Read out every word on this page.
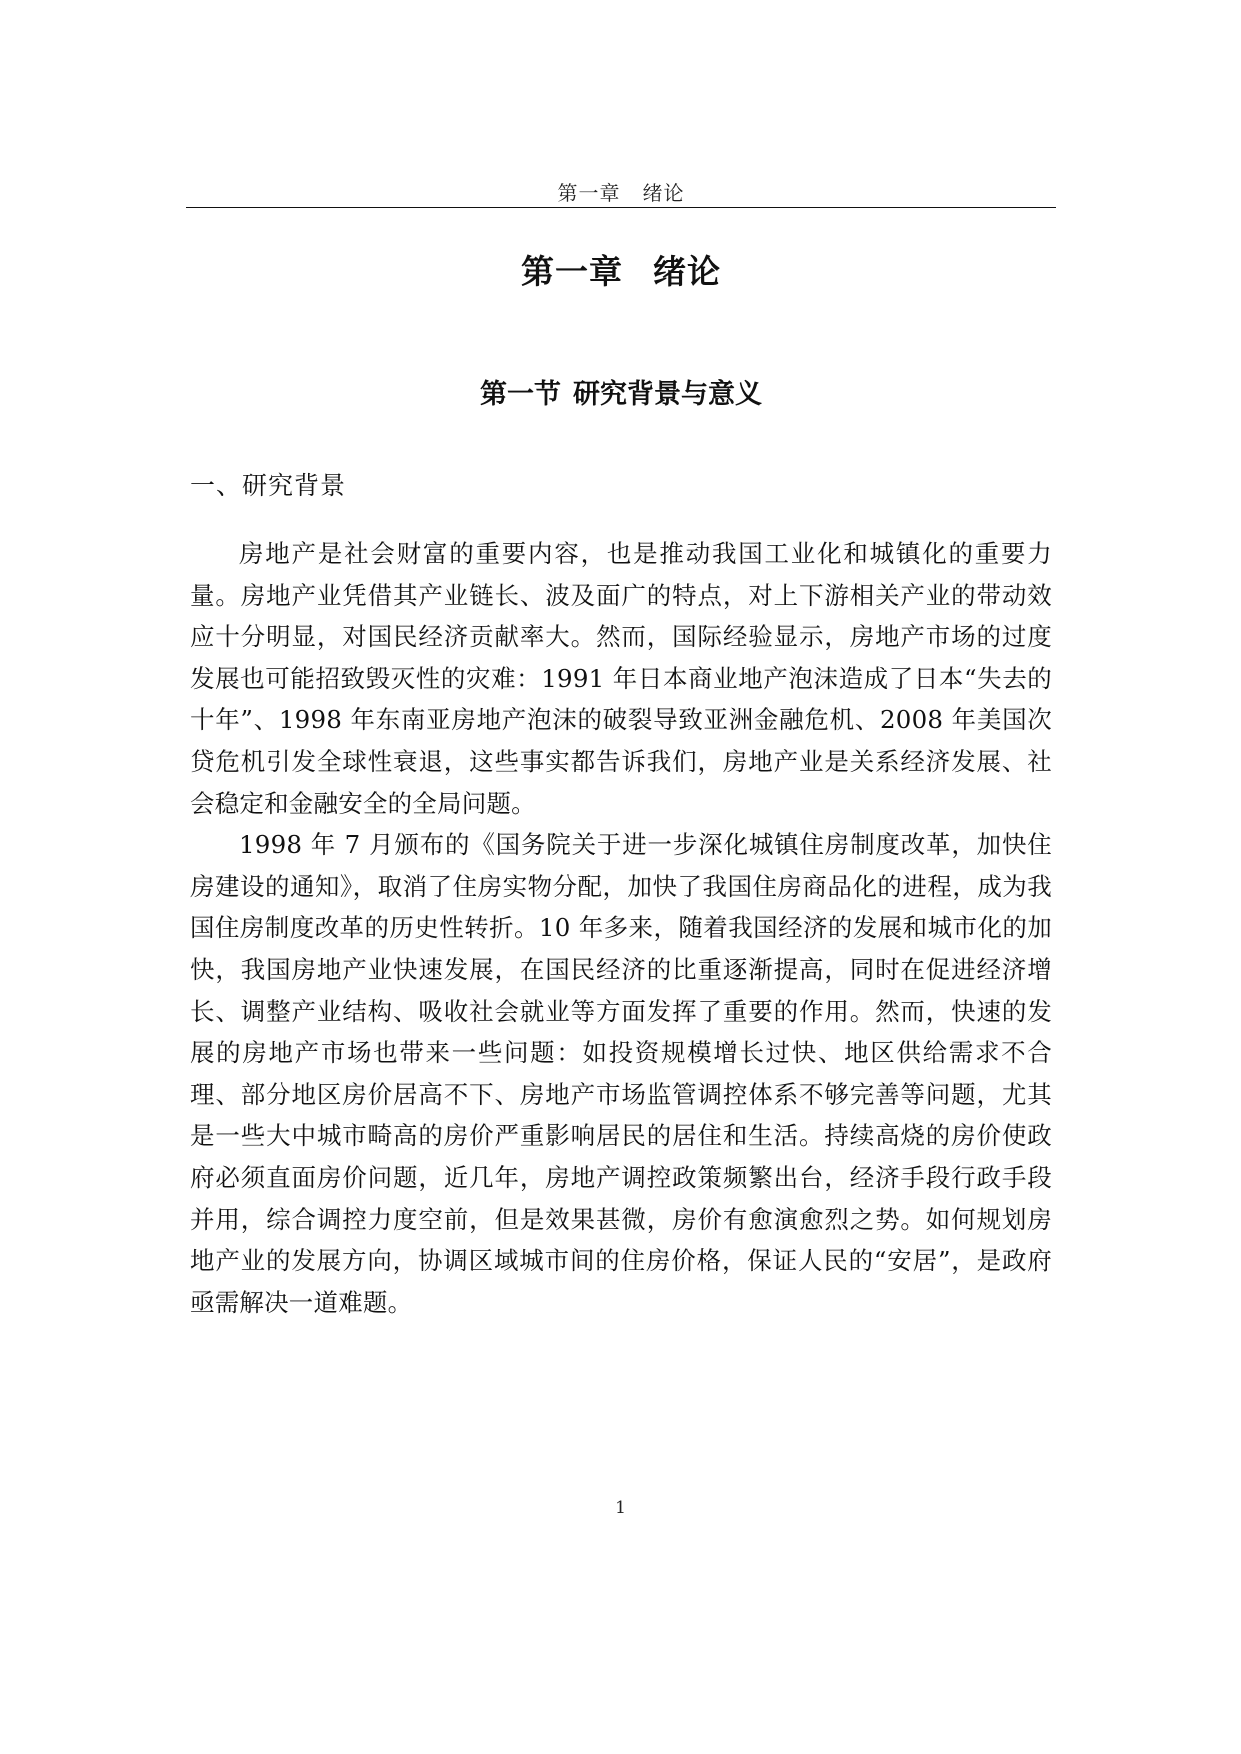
第一章 绪论
第一章 绪论
第一节 研究背景与意义
一、研究背景

房地产是社会财富的重要内容，也是推动我国工业化和城镇化的重要力量。房地产业凭借其产业链长、波及面广的特点，对上下游相关产业的带动效应十分明显，对国民经济贡献率大。然而，国际经验显示，房地产市场的过度发展也可能招致毁灭性的灾难：1991 年日本商业地产泡沫造成了日本“失去的十年”、1998 年东南亚房地产泡沫的破裂导致亚洲金融危机、2008 年美国次贷危机引发全球性衰退，这些事实都告诉我们，房地产业是关系经济发展、社会稳定和金融安全的全局问题。

1998 年 7 月颁布的《国务院关于进一步深化城镇住房制度改革，加快住房建设的通知》，取消了住房实物分配，加快了我国住房商品化的进程，成为我国住房制度改革的历史性转折。10 年多来，随着我国经济的发展和城市化的加快，我国房地产业快速发展，在国民经济的比重逐渐提高，同时在促进经济增长、调整产业结构、吸收社会就业等方面发挥了重要的作用。然而，快速的发展的房地产市场也带来一些问题：如投资规模增长过快、地区供给需求不合理、部分地区房价居高不下、房地产市场监管调控体系不够完善等问题，尤其是一些大中城市畸高的房价严重影响居民的居住和生活。持续高烧的房价使政府必须直面房价问题，近几年，房地产调控政策频繁出台，经济手段行政手段并用，综合调控力度空前，但是效果甚微，房价有愈演愈烈之势。如何规划房地产业的发展方向，协调区域城市间的住房价格，保证人民的“安居”，是政府亟需解决一道难题。

1
